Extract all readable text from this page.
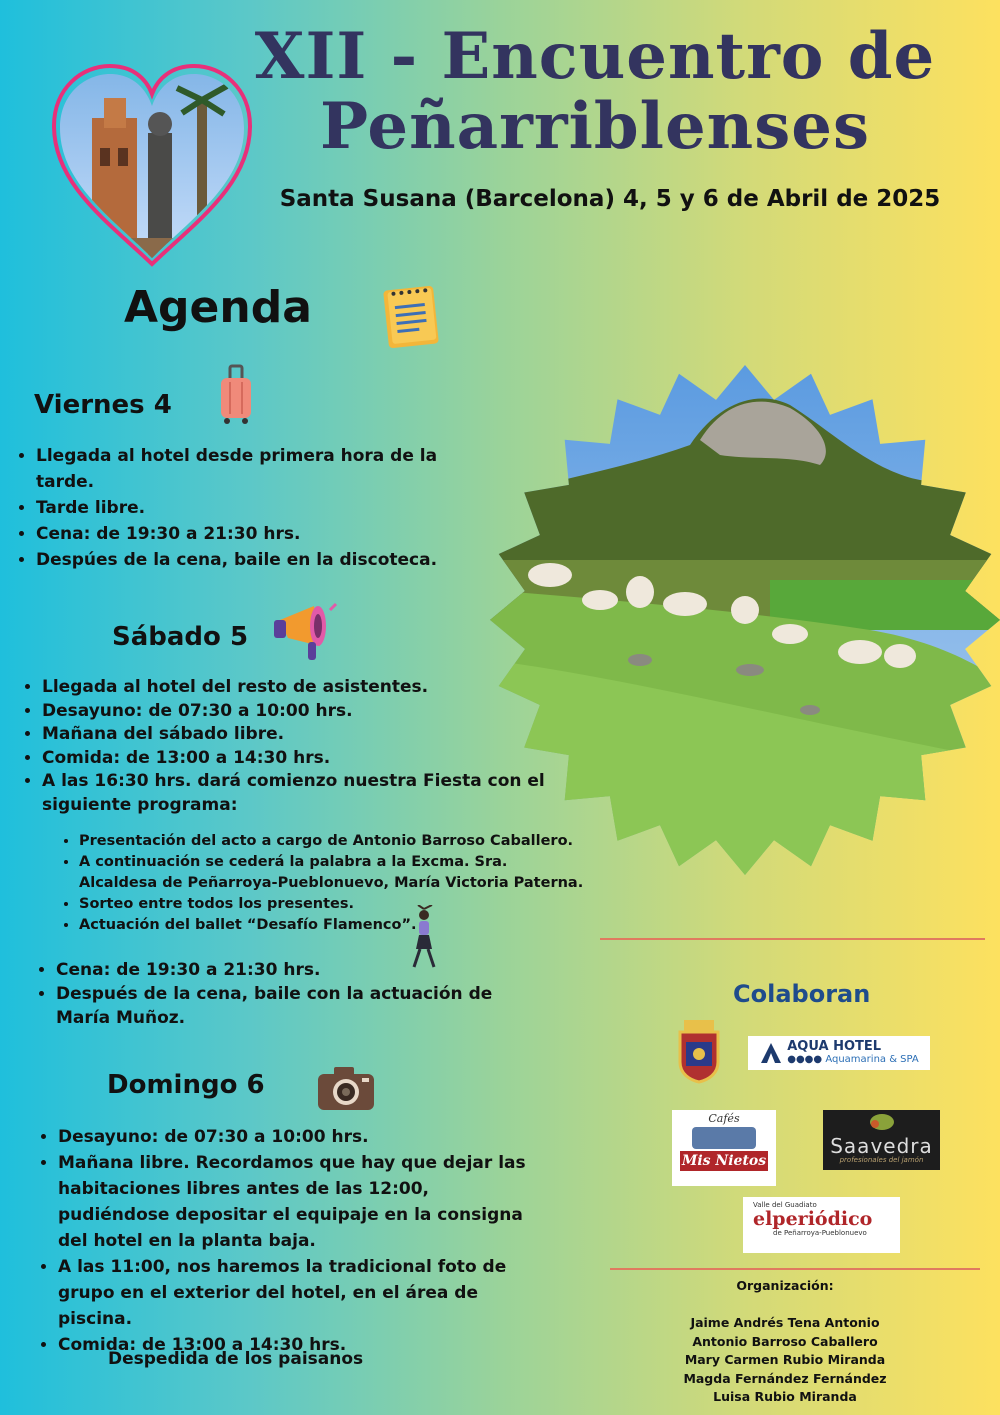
XII - Encuentro de
Peñarriblenses
Santa Susana (Barcelona) 4, 5 y 6 de Abril de 2025
Agenda
Viernes 4
• Llegada al hotel desde primera hora de la tarde.
• Tarde libre.
• Cena: de 19:30 a 21:30 hrs.
• Despúes de la cena, baile en la discoteca.
Sábado 5
• Llegada al hotel del resto de asistentes.
• Desayuno: de 07:30 a 10:00 hrs.
• Mañana del sábado libre.
• Comida: de 13:00 a 14:30 hrs.
• A las 16:30 hrs. dará comienzo nuestra Fiesta con el siguiente programa:
• Presentación del acto a cargo de Antonio Barroso Caballero.
• A continuación se cederá la palabra a la Excma. Sra. Alcaldesa de Peñarroya-Pueblonuevo, María Victoria Paterna.
• Sorteo entre todos los presentes.
• Actuación del ballet “Desafío Flamenco”.
• Cena: de 19:30 a 21:30 hrs.
• Después de la cena, baile con la actuación de María Muñoz.
Domingo 6
• Desayuno: de 07:30 a 10:00 hrs.
• Mañana libre. Recordamos que hay que dejar las habitaciones libres antes de las 12:00, pudiéndose depositar el equipaje en la consigna del hotel en la planta baja.
• A las 11:00, nos haremos la tradicional foto de grupo en el exterior del hotel, en el área de piscina.
• Comida: de 13:00 a 14:30 hrs.
Despedida de los paisanos
Colaboran
AQUA HOTEL
●●●● Aquamarina & SPA
Cafés
Mis Nietos
Saavedra
profesionales del jamón
Valle del Guadiato
elperiódico
de Peñarroya-Pueblonuevo
Organización:
Jaime Andrés Tena Antonio
Antonio Barroso Caballero
Mary Carmen Rubio Miranda
Magda Fernández Fernández
Luisa Rubio Miranda
